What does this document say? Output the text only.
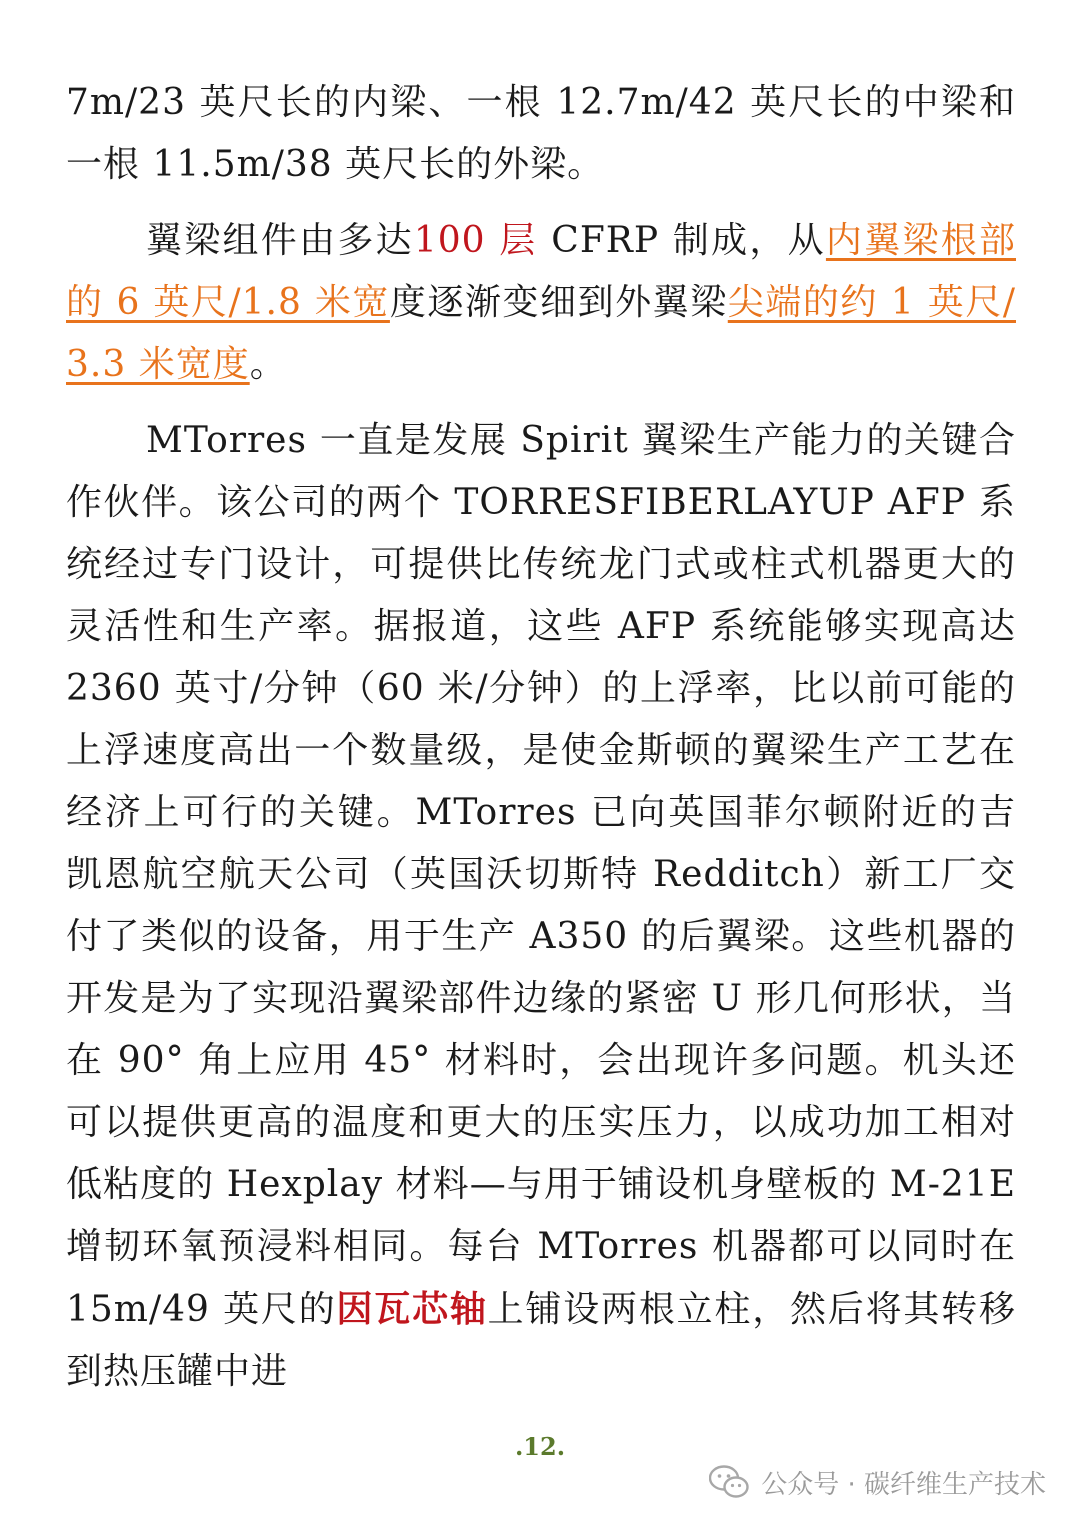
7m/23 英尺长的内梁、一根 12.7m/42 英尺长的中梁和一根 11.5m/38 英尺长的外梁。

翼梁组件由多达100 层 CFRP 制成，从内翼梁根部的 6 英尺/1.8 米宽度逐渐变细到外翼梁尖端的约 1 英尺/3.3 米宽度。

MTorres 一直是发展 Spirit 翼梁生产能力的关键合作伙伴。该公司的两个 TORRESFIBERLAYUP AFP 系统经过专门设计，可提供比传统龙门式或柱式机器更大的灵活性和生产率。据报道，这些 AFP 系统能够实现高达 2360 英寸/分钟（60 米/分钟）的上浮率，比以前可能的上浮速度高出一个数量级，是使金斯顿的翼梁生产工艺在经济上可行的关键。MTorres 已向英国菲尔顿附近的吉凯恩航空航天公司（英国沃切斯特 Redditch）新工厂交付了类似的设备，用于生产 A350 的后翼梁。这些机器的开发是为了实现沿翼梁部件边缘的紧密 U 形几何形状，当在 90° 角上应用 45° 材料时，会出现许多问题。机头还可以提供更高的温度和更大的压实压力，以成功加工相对低粘度的 Hexplay 材料—与用于铺设机身壁板的 M-21E 增韧环氧预浸料相同。每台 MTorres 机器都可以同时在 15m/49 英尺的因瓦芯轴上铺设两根立柱，然后将其转移到热压罐中进

.12.
公众号 · 碳纤维生产技术
